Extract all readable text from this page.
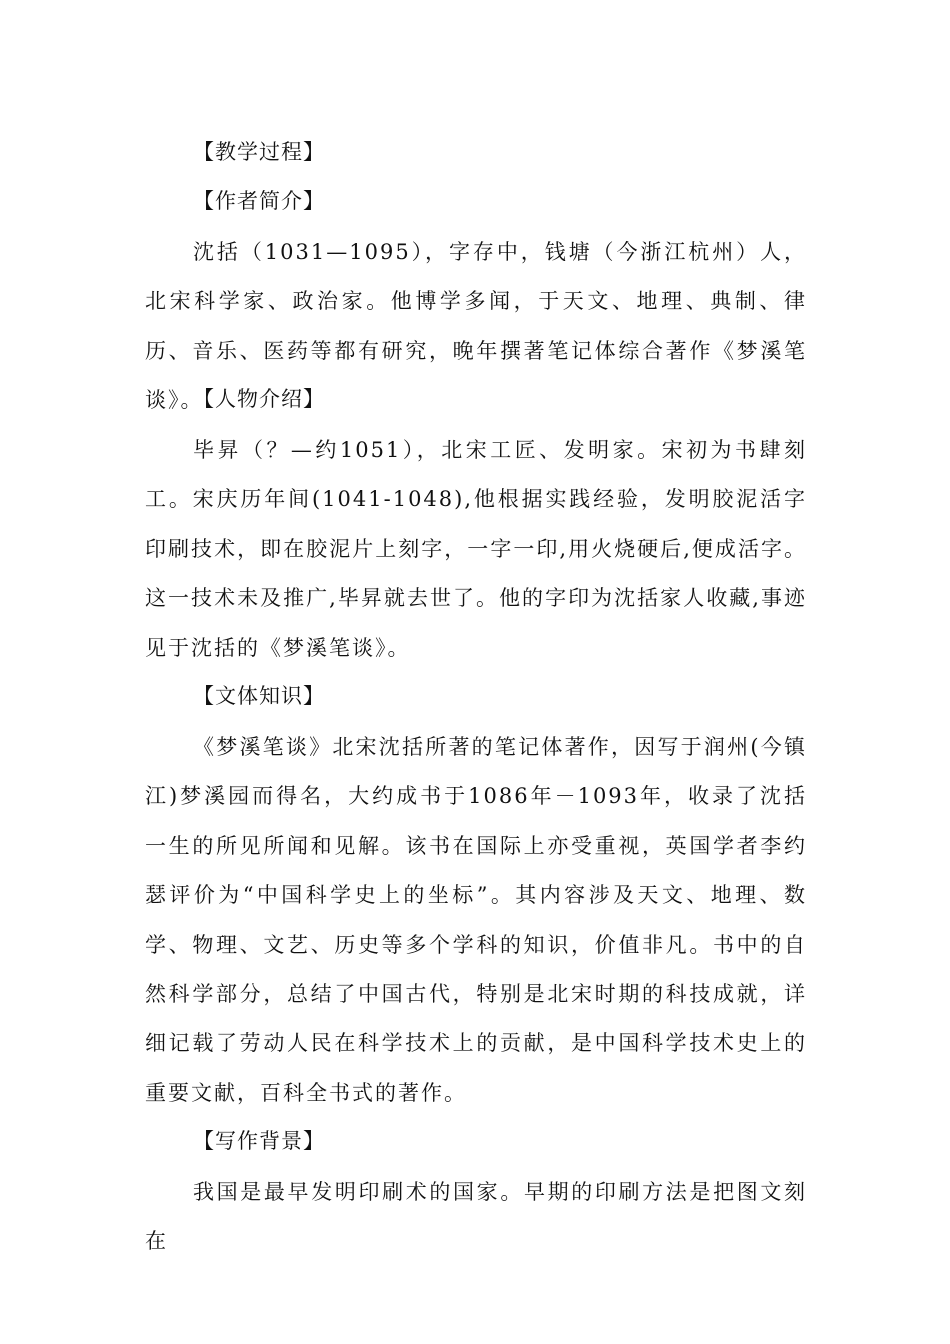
【教学过程】
【作者简介】

沈括（1031—1095），字存中，钱塘（今浙江杭州）人，北宋科学家、政治家。他博学多闻，于天文、地理、典制、律历、音乐、医药等都有研究，晚年撰著笔记体综合著作《梦溪笔谈》。

【人物介绍】

毕昇（？—约1051），北宋工匠、发明家。宋初为书肆刻工。宋庆历年间(1041-1048),他根据实践经验，发明胶泥活字印刷技术，即在胶泥片上刻字，一字一印,用火烧硬后,便成活字。这一技术未及推广,毕昇就去世了。他的字印为沈括家人收藏,事迹见于沈括的《梦溪笔谈》。

【文体知识】

《梦溪笔谈》北宋沈括所著的笔记体著作，因写于润州(今镇江)梦溪园而得名，大约成书于1086年－1093年，收录了沈括一生的所见所闻和见解。该书在国际上亦受重视，英国学者李约瑟评价为“中国科学史上的坐标”。其内容涉及天文、地理、数学、物理、文艺、历史等多个学科的知识，价值非凡。书中的自然科学部分，总结了中国古代，特别是北宋时期的科技成就，详细记载了劳动人民在科学技术上的贡献，是中国科学技术史上的重要文献，百科全书式的著作。

【写作背景】

我国是最早发明印刷术的国家。早期的印刷方法是把图文刻在
